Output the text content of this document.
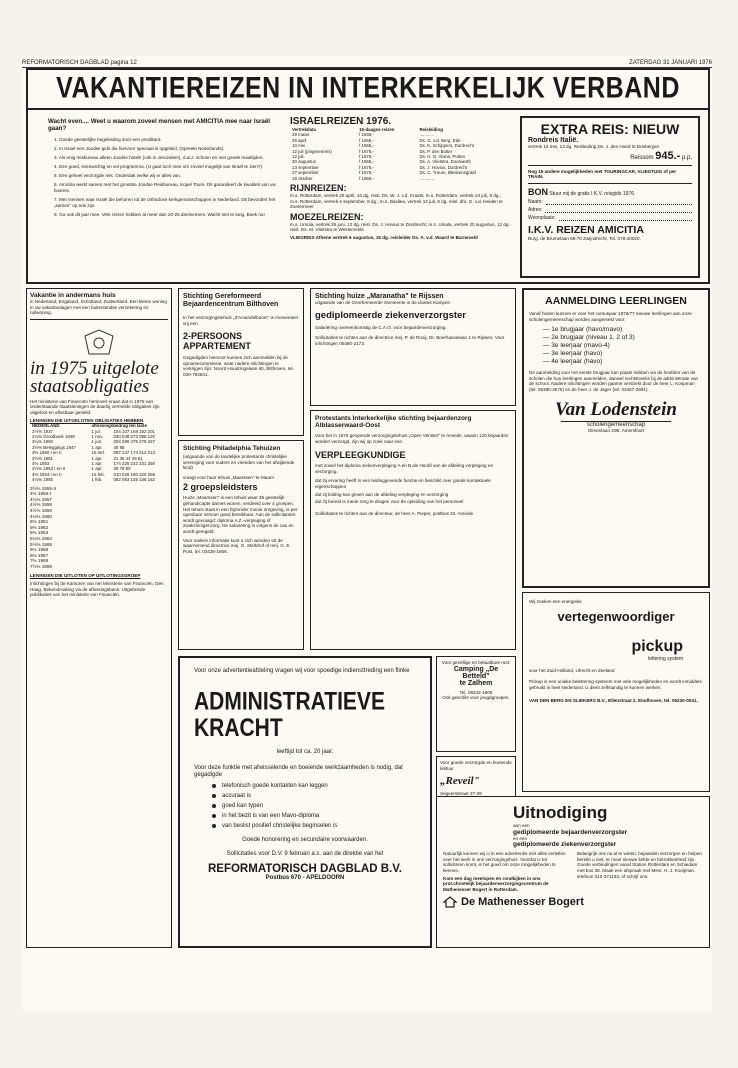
REFORMATORISCH DAGBLAD pagina 12	ZATERDAG 31 JANUARI 1976
VAKANTIEREIZEN IN INTERKERKELIJK VERBAND
Wacht even.... Weet u waarom zoveel mensen met AMICITIA mee naar Israël gaan?
1. Goede geestelijke begeleiding door een predikant.
2. In Israel een Joodse gids die hiervoor speciaal is opgeleid. (Spreekt Nederlands).
3. Als enig reisbureau alleen Joodse hotels (ook in Jeruzalem), d.w.z. schoon en met goede maaltijden.
4. Een goed, evenwichtig en vol programma. (U gaat toch mee om zoveel mogelijk van Israël te zien?)
5. Een geheel verzorgde reis. Onderdak welke wij er alles van.
6. Amicitia werkt samen met het grootste Joodse Reisbureau, Kopel Tours. Dit garandeert de kwaliteit van uw busreis.
7. Met mensen naar Israël die behoren tot de orthodoxe kerkgenootschappen in Nederland. Dit bevordert het „samen" op reis zijn.
8. Ga ook dit jaar mee. Vele reizen hebben al meer dan 20-25 deelnemers. Wacht niet te lang. Boek nu!
ISRAELREIZEN 1976.
Vertrekdata	15-daagse reizen	Reisleiding
29 maart	f 1645,-	............
26 april	f 1665,-	Ds. G. v.d. Berg, Ede
10 mei	f 1665,-	Ds. K. Schippers, Dordrecht
12 juli (jongerenreis)	f 1675,-	Ds. P. den Butter
12 juli	f 1675,-	Ds. H. G. Abma, Putten
30 augustus	f 1665,-	Ds. A. Vlietstra, Doorwerth
13 september	f 1675,-	Ds. J. Hovius, Dordrecht
27 september	f 1675,-	Ds. C. Treure, Bleskensgraaf
18 oktober	f 1665,-	............
RIJNREIZEN:
m.s. Rotterdam, vertrek 29 april, 10 dg. reisl. Ds. W. J. v.d. Kraats; m.s. Rotterdam, vertrek 24 juli, 8 dg.; m.s. Rotterdam, vertrek 4 september, 8 dg.; m.s. Basilea, vertrek 12 juli, 8 dg. reisl. dhr. G. v.d. Heiden te Zoetermeer
MOEZELREIZEN:
m.s. Ursula, vertrek 26 juni, 12 dg. reisl. Ds. J. Hovius te Dordrecht; m.s. Ursula, vertrek 20 augustus, 12 dg. reisl. Ds. M. Vlietstra te Westervelde
VLIEGREIS Athene vertrek 6 augustus, 15 dg. reisleider Ds. A. v.d. Waard te Barneveld
EXTRA REIS: NIEUW
Rondreis Italië.
vertrek 10 mei, 13 dg. Reisleiding Ds. J. den Hoed te Driebergen
Reissom 945.- p.p.
Nog 15 andere mogelijkheden met TOURINGCAR, VLIEGTUIG of per TRAIN.
BON Stuur mij de gratis I.K.V. reisgids 1976
Naam:
Adres:
Woonplaats:
I.K.V. REIZEN AMICITIA
Burg. de Bruïnelaan 68-70 Zwijndrecht, Tel. 078-20020.
Vakantie in andermans huis
in Nederland, Engeland, Schotland, Zwitserland. Een kleine woning in uw vakantiedagen met een buitenlandse verzekering en ruilwoning.
in 1975 uitgelote staatsobligaties
Het ministerie van Financiën herinnert eraan dat in 1975 van onderstaande staatsleningen de daarbij vermelde obligaties zijn uitgeloot en aflosbaar gesteld.
LENINGEN DIE UITGELOTEN OBLIGATIES HEBBEN
NEDERLAND	aflossingsbedrag ten laste	
2½% 1937	1 jul.	104 107 168 192 201
3¼% Grootboek 1948	1 nov.	030 048 073 098 120
3¼% 1950	1 jun.	204 280 475 279 327
3½% Beleggings 1947	1 apr.	40 88
3% 1950 I en II	16 mrt.	087 147 174 212 213
3½% 1951	1 apr.	21 35 44 49 81
4% 1953	1 apr.	174 220 232 231 250
3½% 1953 I en II	1 apr.	28 78 80
4% 1954 I en II	16 feb.	010 028 180 220 258
4¼% 1955	1 feb.	082 083 125 136 162
3½% 1955-II
4% 1956-I
4¼% 1957
4½% 1958
4½% 1959
4¾% 1960
5% 1961
5% 1962
5% 1963
5¼% 1964
5½% 1965
6% 1966
6% 1967
7% 1968
7½% 1969
LENINGEN DIE UITLOTEN OP UITLOTINGSGROEP
Inlichtingen bij de Kantoren van het Ministerie van Financiën, Den Haag. Bekendmaking via de aflossingsbank. Uitgebreide publikaties van het ministerie van Financiën.
Stichting Gereformeerd Bejaardencentrum Bilthoven
In het verzorgingstehuis „d'Amandelboom" is momenteel vrij een
2-PERSOONS APPARTEMENT
Gegadigden hiervoor kunnen zich aanmelden bij de opnamecommissie, waar nadere inlichtingen te verkrijgen zijn: Noord Houdringelaan 60, Bilthoven, tel. 030-784841.
Stichting Philadelphia Tehuizen
(uitgaande van de landelijke protestants christelijke vereniging voor ouders en vrienden van het afwijkende kind)
vraagt voor haar tehuis „Maarssen" te Maarn
2 groepsleidsters
Huize „Maarssen" is een tehuis waar 38 geestelijk gehandicapte dames wonen, verdeeld over 4 groepen. Het tehuis staat in een bijzonder mooie omgeving, is per openbaar vervoer goed bereikbaar. Aan de sollicitanten wordt gevraagd: diploma A.Z.-verpleging of zwakzinnigenzorg. De salariëring is volgens de cao en wordt geregeld.
Voor nadere informatie kunt u zich wenden tot de waarnemend directrice mej. G. Sterkhof of mej. G. E. Post, tel. 03436-1856.
Stichting huize „Maranatha" te Rijssen
uitgaande van de Gereformeerde Gemeente in de classis Kampen
gediplomeerde ziekenverzorgster
Salariëring overeenkomstig de C.A.O. voor bejaardenverzorging.
Sollicitaties te richten aan de directrice mej. P. de Rooij, Dr. Boerhaavelaan 1 te Rijssen. Voor inlichtingen 05480-2173.
Protestants Interkerkelijke stichting bejaardenzorg Alblasserwaard-Oost
Voor het in 1976 geopende verzorgingstehuis „Open Venster" te Ameide, waarin 120 bejaarden worden verzorgd, zijn wij op zoek naar een
VERPLEEGKUNDIGE
met zowel het diploma ziekenverpleging A en B als Hoofd van de afdeling verpleging en verzorging.
dat zij ervaring heeft in een leidinggevende functie en beschikt over goede kontaktuele eigenschappen
dat zij leiding kan geven aan de afdeling verpleging en verzorging
dat zij bereid is mede zorg te dragen voor de opleiding van het personeel
Sollicitaties te richten aan de directeur, de heer A. Pieper, postbus 34, Ameide.
AANMELDING LEERLINGEN
Vanaf heden kunnen er voor het cursusjaar 1976/77 nieuwe leerlingen aan onze scholengemeenschap worden aangemeld voor:
— 1e brugjaar (havo/mavo)
— 2e brugjaar (niveau 1, 2 of 3)
— 3e leerjaar (mavo-4)
— 3e leerjaar (havo)
— 4e leerjaar (havo)
De aanmelding voor het eerste brugjaar kan plaats hebben via de hoofden van de scholen die hun leerlingen aanmelden, danwel rechtstreeks bij de administratie van de school. Nadere inlichtingen worden gaarne verstrekt door de heer L. Koopman (tel. 05380-3575) en de heer J. de Jager (tel. 03467-2681).
Van Lodenstein
scholengemeenschap
Olmenlaan 20B, Amersfoort
Wij zoeken een energieke
vertegenwoordiger
pickup
lettering system
voor het Zuid-Holland, Utrecht en Zeeland
Pickup is een unieke belettering-systeem met vele mogelijkheden en wordt inmiddels gebruikt in heel Nederland. U dient zelfstandig te kunnen werken.
VAN DEN BERG EN SLIEKERS B.V., Ellenstraat 2, Eindhoven, tel. 05230-0041.
Voor onze advertentieafdeling vragen wij voor spoedige indiensttreding een flinke
ADMINISTRATIEVE KRACHT
leeftijd tot ca. 20 jaar.
Voor deze funktie met afwisselende en boeiende werkzaamheden is nodig, dat gegadigde
telefonisch goede kontakten kan leggen
accuraat is
goed kan typen
in het bezit is van een Mavo-diploma
van beslist positief christelijke beginselen is
Goede honorering en secundaire voorwaarden.
Sollicitaties voor D.V. 9 februari a.s. aan de direktie van het
REFORMATORISCH DAGBLAD B.V.
Postbus 670 - APELDOORN
Voor gezellige en betaalbare rust:
Camping „De Betteld"
te Zalhem
Tel. 08342-1906
Ook geschikt voor jeugdgroepen.
Voor goede verzorgde en boeiende lektuur
„Reveil"
Segeersstraat 37-39
Uitnodiging
aan een
gediplomeerde bejaardenverzorgster
en een
gediplomeerde ziekenverzorgster
Natuurlijk kunnen wij U in een advertentie niet alles vertellen over het werk in ons verzorgingshuis. Voordat U tot solliciteren komt, is het goed om onze mogelijkheden te kennen.
Kom een dag meelopen en rondkijken in ons prot.christelijk bejaardenverzorgingscentrum de Mathenesser Bogert in Rotterdam.
Belangrijk ons na al te weten: bejaarden verzorgen en helpen bereikt u niet, er moet nieuwe liefde en betrokkenheid zijn. Goede verbindingen vanaf Station Rotterdam en Schiedam met bus 38. Maak een afspraak met Mevr. H. J. Kooijman, telefoon 010-371133, of schrijf ons.
De Mathenesser Bogert
